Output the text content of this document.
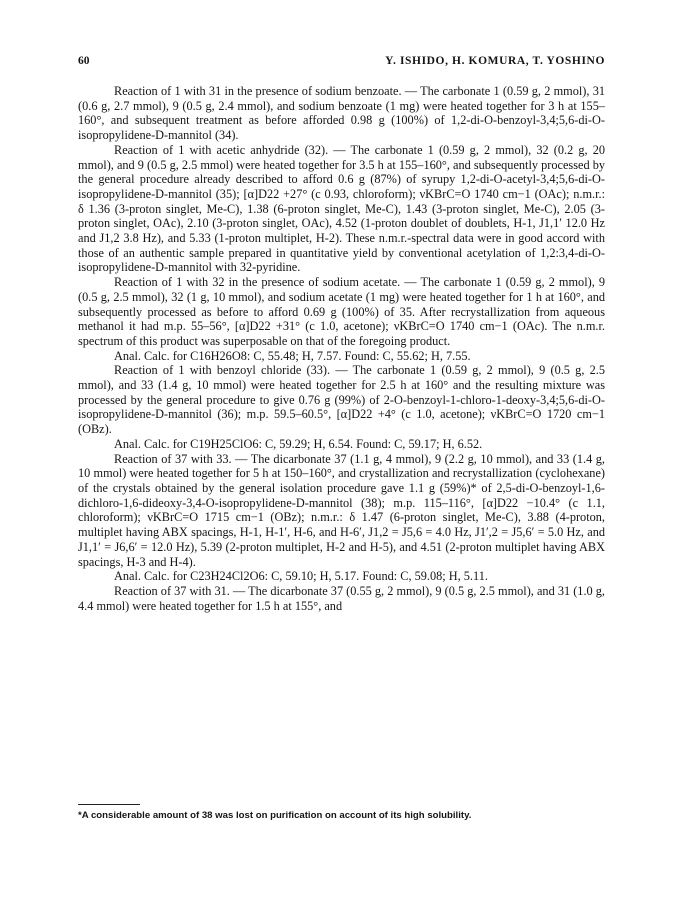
60	Y. ISHIDO, H. KOMURA, T. YOSHINO

Reaction of 1 with 31 in the presence of sodium benzoate. — The carbonate 1 (0.59 g, 2 mmol), 31 (0.6 g, 2.7 mmol), 9 (0.5 g, 2.4 mmol), and sodium benzoate (1 mg) were heated together for 3 h at 155–160°, and subsequent treatment as before afforded 0.98 g (100%) of 1,2-di-O-benzoyl-3,4;5,6-di-O-isopropylidene-D-mannitol (34).

Reaction of 1 with acetic anhydride (32). — The carbonate 1 (0.59 g, 2 mmol), 32 (0.2 g, 20 mmol), and 9 (0.5 g, 2.5 mmol) were heated together for 3.5 h at 155–160°, and subsequently processed by the general procedure already described to afford 0.6 g (87%) of syrupy 1,2-di-O-acetyl-3,4;5,6-di-O-isopropylidene-D-mannitol (35); [α]D22 +27° (c 0.93, chloroform); νKBrC=O 1740 cm−1 (OAc); n.m.r.: δ 1.36 (3-proton singlet, Me-C), 1.38 (6-proton singlet, Me-C), 1.43 (3-proton singlet, Me-C), 2.05 (3-proton singlet, OAc), 2.10 (3-proton singlet, OAc), 4.52 (1-proton doublet of doublets, H-1, J1,1′ 12.0 Hz and J1,2 3.8 Hz), and 5.33 (1-proton multiplet, H-2). These n.m.r.-spectral data were in good accord with those of an authentic sample prepared in quantitative yield by conventional acetylation of 1,2:3,4-di-O-isopropylidene-D-mannitol with 32-pyridine.

Reaction of 1 with 32 in the presence of sodium acetate. — The carbonate 1 (0.59 g, 2 mmol), 9 (0.5 g, 2.5 mmol), 32 (1 g, 10 mmol), and sodium acetate (1 mg) were heated together for 1 h at 160°, and subsequently processed as before to afford 0.69 g (100%) of 35. After recrystallization from aqueous methanol it had m.p. 55–56°, [α]D22 +31° (c 1.0, acetone); νKBrC=O 1740 cm−1 (OAc). The n.m.r. spectrum of this product was superposable on that of the foregoing product.

Anal. Calc. for C16H26O8: C, 55.48; H, 7.57. Found: C, 55.62; H, 7.55.

Reaction of 1 with benzoyl chloride (33). — The carbonate 1 (0.59 g, 2 mmol), 9 (0.5 g, 2.5 mmol), and 33 (1.4 g, 10 mmol) were heated together for 2.5 h at 160° and the resulting mixture was processed by the general procedure to give 0.76 g (99%) of 2-O-benzoyl-1-chloro-1-deoxy-3,4;5,6-di-O-isopropylidene-D-mannitol (36); m.p. 59.5–60.5°, [α]D22 +4° (c 1.0, acetone); νKBrC=O 1720 cm−1 (OBz).

Anal. Calc. for C19H25ClO6: C, 59.29; H, 6.54. Found: C, 59.17; H, 6.52.

Reaction of 37 with 33. — The dicarbonate 37 (1.1 g, 4 mmol), 9 (2.2 g, 10 mmol), and 33 (1.4 g, 10 mmol) were heated together for 5 h at 150–160°, and crystallization and recrystallization (cyclohexane) of the crystals obtained by the general isolation procedure gave 1.1 g (59%)* of 2,5-di-O-benzoyl-1,6-dichloro-1,6-dideoxy-3,4-O-isopropylidene-D-mannitol (38); m.p. 115–116°, [α]D22 −10.4° (c 1.1, chloroform); νKBrC=O 1715 cm−1 (OBz); n.m.r.: δ 1.47 (6-proton singlet, Me-C), 3.88 (4-proton, multiplet having ABX spacings, H-1, H-1′, H-6, and H-6′, J1,2 = J5,6 = 4.0 Hz, J1′,2 = J5,6′ = 5.0 Hz, and J1,1′ = J6,6′ = 12.0 Hz), 5.39 (2-proton multiplet, H-2 and H-5), and 4.51 (2-proton multiplet having ABX spacings, H-3 and H-4).

Anal. Calc. for C23H24Cl2O6: C, 59.10; H, 5.17. Found: C, 59.08; H, 5.11.

Reaction of 37 with 31. — The dicarbonate 37 (0.55 g, 2 mmol), 9 (0.5 g, 2.5 mmol), and 31 (1.0 g, 4.4 mmol) were heated together for 1.5 h at 155°, and

*A considerable amount of 38 was lost on purification on account of its high solubility.
